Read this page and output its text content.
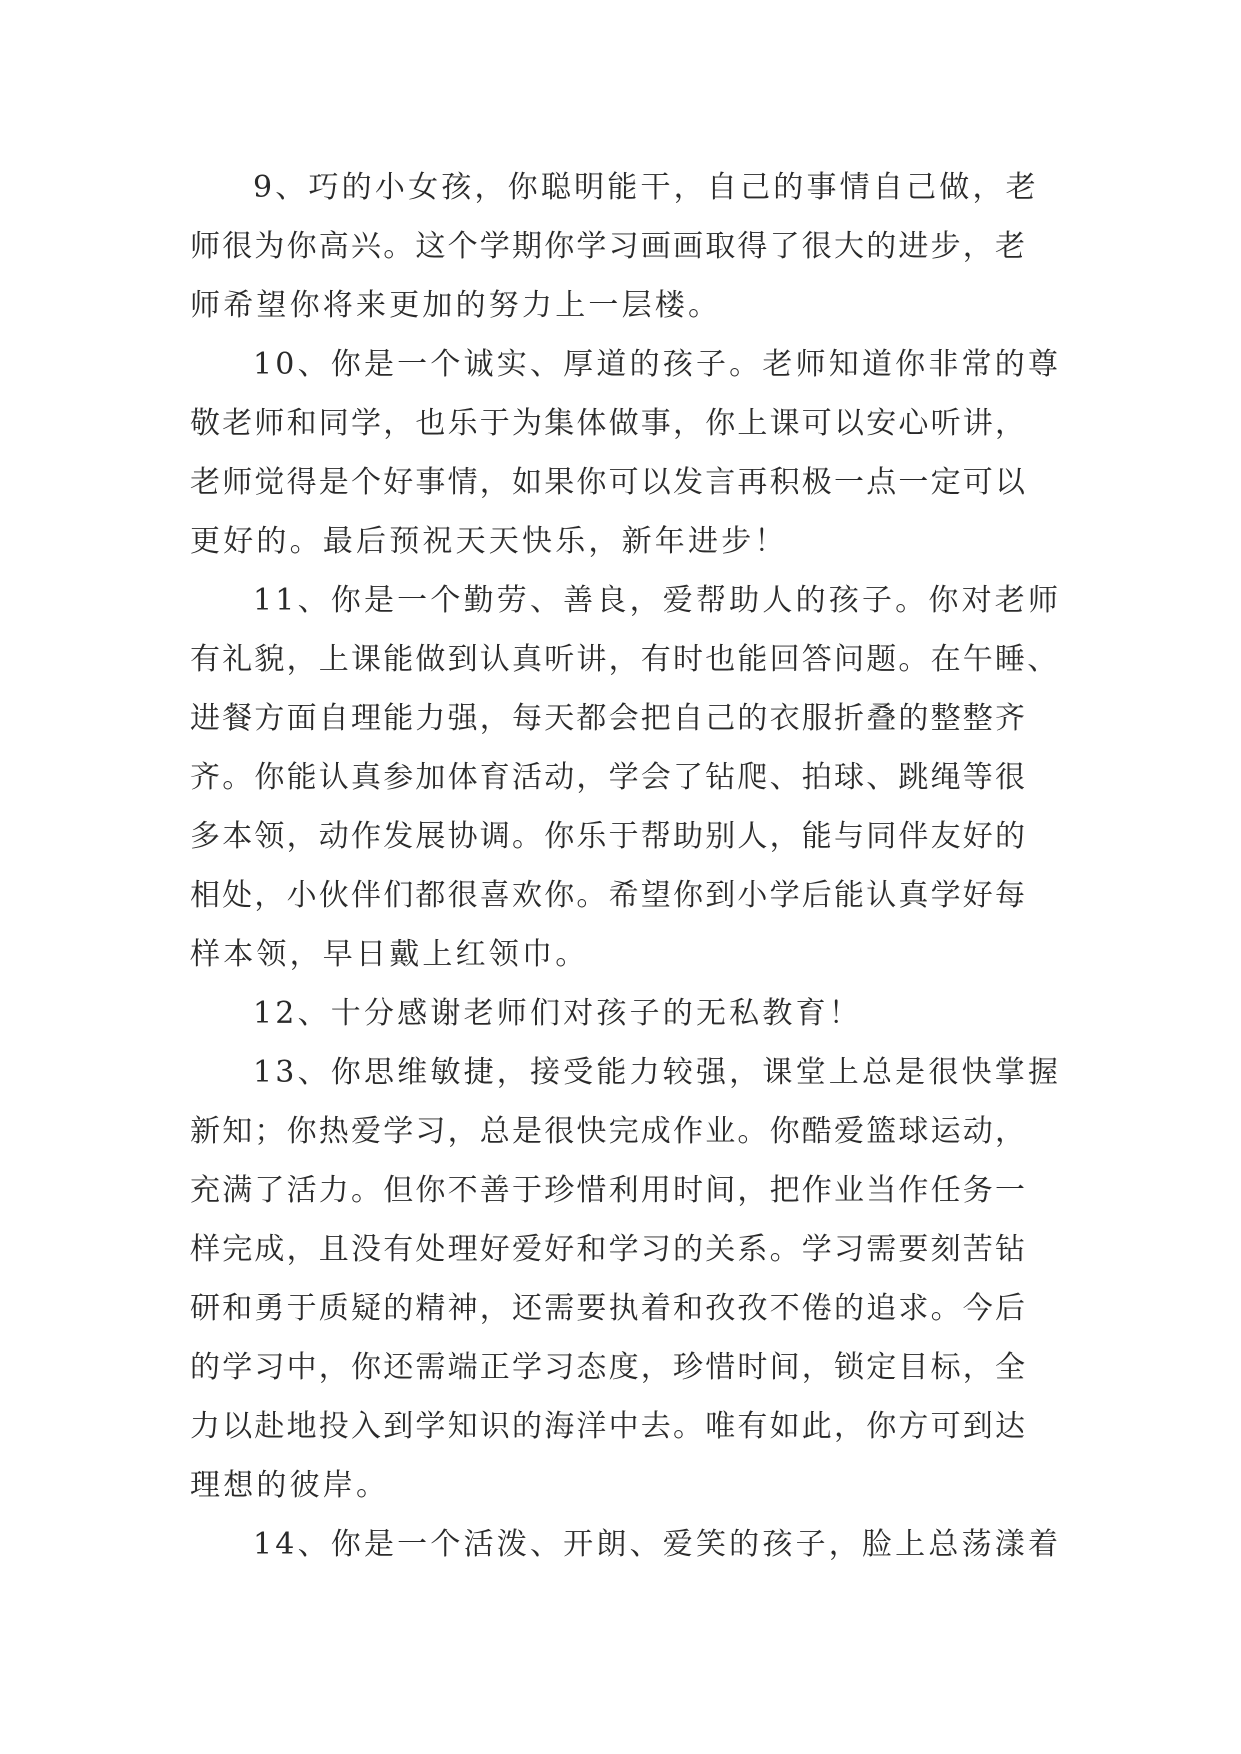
9、巧的小女孩，你聪明能干，自己的事情自己做，老
师很为你高兴。这个学期你学习画画取得了很大的进步，老
师希望你将来更加的努力上一层楼。
10、你是一个诚实、厚道的孩子。老师知道你非常的尊
敬老师和同学，也乐于为集体做事，你上课可以安心听讲，
老师觉得是个好事情，如果你可以发言再积极一点一定可以
更好的。最后预祝天天快乐，新年进步！
11、你是一个勤劳、善良，爱帮助人的孩子。你对老师
有礼貌，上课能做到认真听讲，有时也能回答问题。在午睡、
进餐方面自理能力强，每天都会把自己的衣服折叠的整整齐
齐。你能认真参加体育活动，学会了钻爬、拍球、跳绳等很
多本领，动作发展协调。你乐于帮助别人，能与同伴友好的
相处，小伙伴们都很喜欢你。希望你到小学后能认真学好每
样本领，早日戴上红领巾。
12、十分感谢老师们对孩子的无私教育！
13、你思维敏捷，接受能力较强，课堂上总是很快掌握
新知；你热爱学习，总是很快完成作业。你酷爱篮球运动，
充满了活力。但你不善于珍惜利用时间，把作业当作任务一
样完成，且没有处理好爱好和学习的关系。学习需要刻苦钻
研和勇于质疑的精神，还需要执着和孜孜不倦的追求。今后
的学习中，你还需端正学习态度，珍惜时间，锁定目标，全
力以赴地投入到学知识的海洋中去。唯有如此，你方可到达
理想的彼岸。
14、你是一个活泼、开朗、爱笑的孩子，脸上总荡漾着
